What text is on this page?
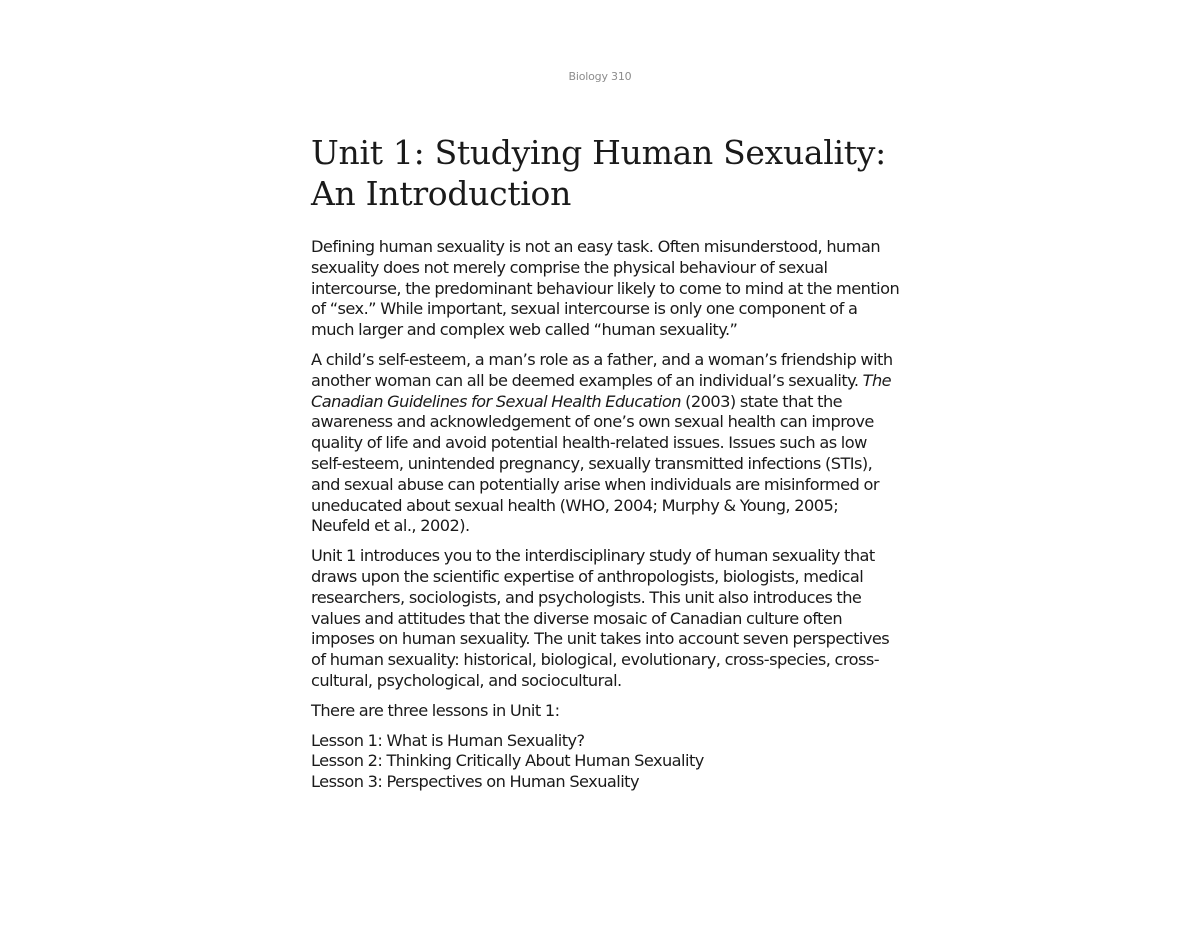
Biology 310
Unit 1: Studying Human Sexuality:
An Introduction

Defining human sexuality is not an easy task. Often misunderstood, human sexuality does not merely comprise the physical behaviour of sexual intercourse, the predominant behaviour likely to come to mind at the mention of “sex.” While important, sexual intercourse is only one component of a much larger and complex web called “human sexuality.”

A child’s self-esteem, a man’s role as a father, and a woman’s friendship with another woman can all be deemed examples of an individual’s sexuality. The Canadian Guidelines for Sexual Health Education (2003) state that the awareness and acknowledgement of one’s own sexual health can improve quality of life and avoid potential health-related issues. Issues such as low self-esteem, unintended pregnancy, sexually transmitted infections (STIs), and sexual abuse can potentially arise when individuals are misinformed or uneducated about sexual health (WHO, 2004; Murphy & Young, 2005; Neufeld et al., 2002).

Unit 1 introduces you to the interdisciplinary study of human sexuality that draws upon the scientific expertise of anthropologists, biologists, medical researchers, sociologists, and psychologists. This unit also introduces the values and attitudes that the diverse mosaic of Canadian culture often imposes on human sexuality. The unit takes into account seven perspectives of human sexuality: historical, biological, evolutionary, cross-species, cross-cultural, psychological, and sociocultural.

There are three lessons in Unit 1:

Lesson 1: What is Human Sexuality?
Lesson 2: Thinking Critically About Human Sexuality
Lesson 3: Perspectives on Human Sexuality
